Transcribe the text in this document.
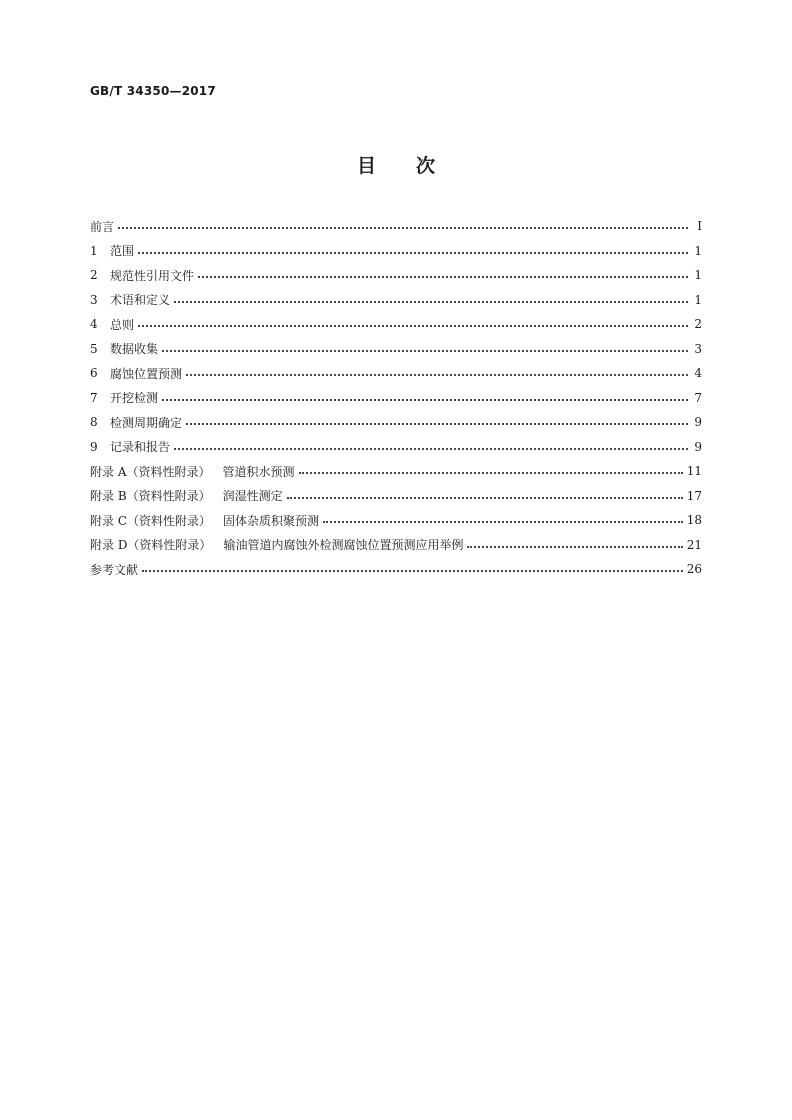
GB/T 34350—2017
目次
前言	Ⅰ
1	范围	1
2	规范性引用文件	1
3	术语和定义	1
4	总则	2
5	数据收集	3
6	腐蚀位置预测	4
7	开挖检测	7
8	检测周期确定	9
9	记录和报告	9
附录 A（资料性附录） 管道积水预测	11
附录 B（资料性附录） 润湿性测定	17
附录 C（资料性附录） 固体杂质积聚预测	18
附录 D（资料性附录） 输油管道内腐蚀外检测腐蚀位置预测应用举例	21
参考文献	26
